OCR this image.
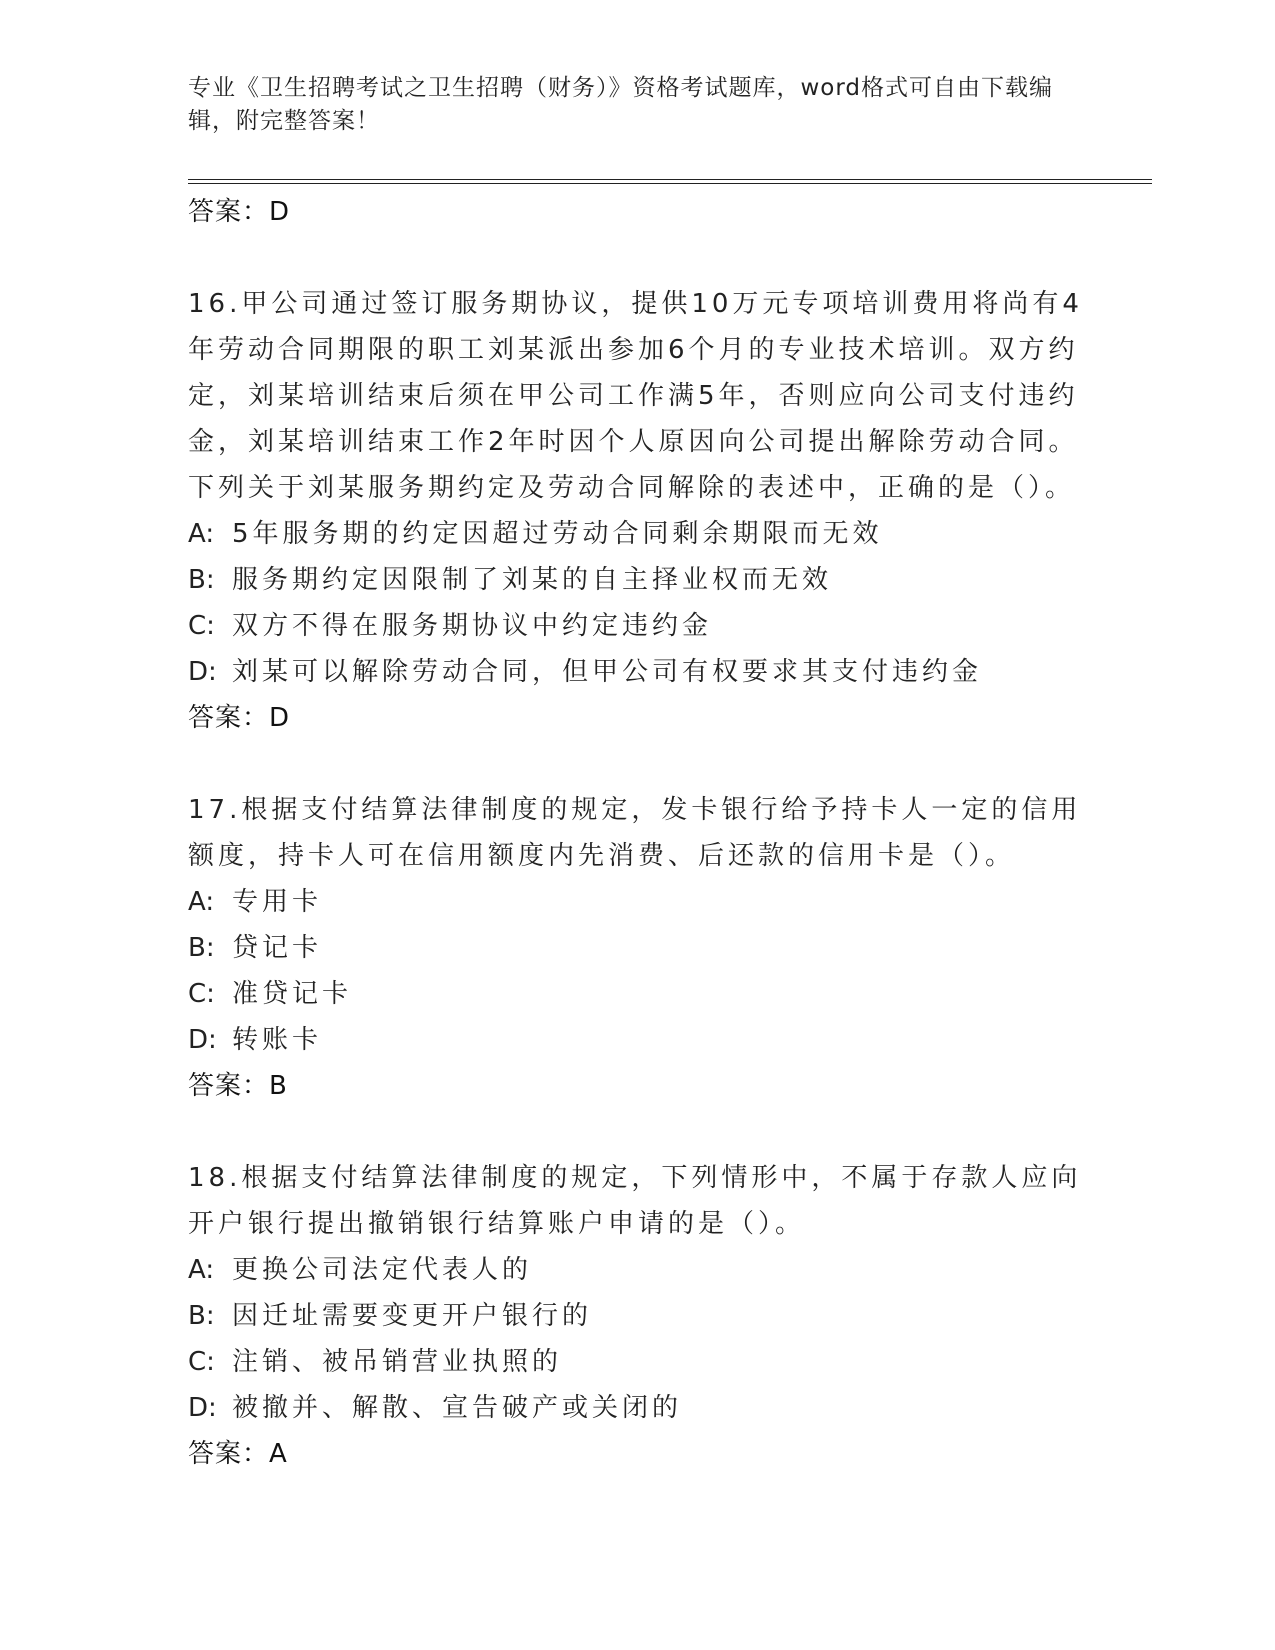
专业《卫生招聘考试之卫生招聘（财务）》资格考试题库，word格式可自由下载编辑，附完整答案！
答案：D

16.甲公司通过签订服务期协议，提供10万元专项培训费用将尚有4年劳动合同期限的职工刘某派出参加6个月的专业技术培训。双方约定，刘某培训结束后须在甲公司工作满5年，否则应向公司支付违约金，刘某培训结束工作2年时因个人原因向公司提出解除劳动合同。下列关于刘某服务期约定及劳动合同解除的表述中，正确的是（）。

A: 5年服务期的约定因超过劳动合同剩余期限而无效

B: 服务期约定因限制了刘某的自主择业权而无效

C: 双方不得在服务期协议中约定违约金

D: 刘某可以解除劳动合同，但甲公司有权要求其支付违约金

答案：D

17.根据支付结算法律制度的规定，发卡银行给予持卡人一定的信用额度，持卡人可在信用额度内先消费、后还款的信用卡是（）。

A: 专用卡

B: 贷记卡

C: 准贷记卡

D: 转账卡

答案：B

18.根据支付结算法律制度的规定，下列情形中，不属于存款人应向开户银行提出撤销银行结算账户申请的是（）。

A: 更换公司法定代表人的

B: 因迁址需要变更开户银行的

C: 注销、被吊销营业执照的

D: 被撤并、解散、宣告破产或关闭的

答案：A
